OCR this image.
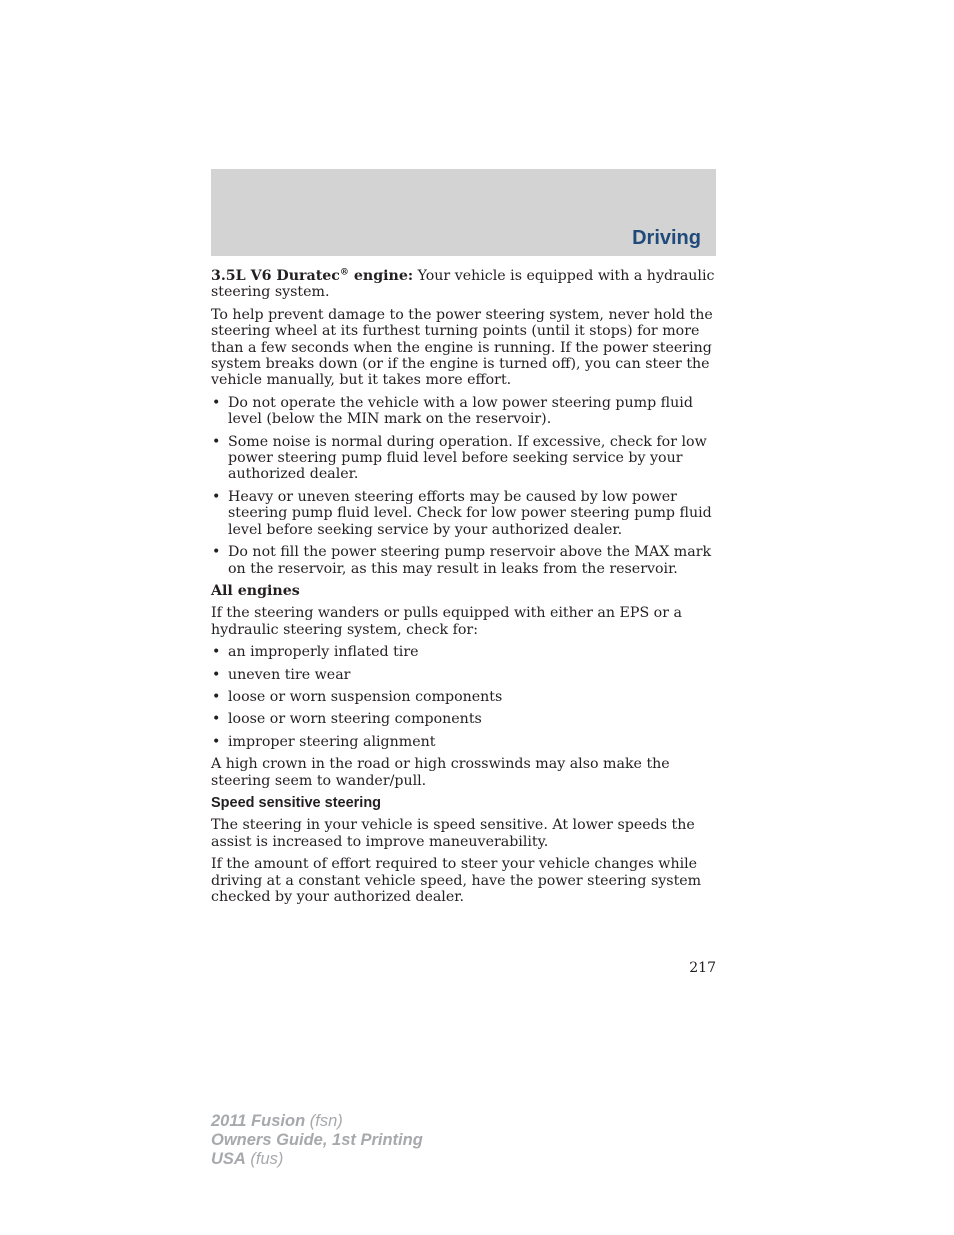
Driving

3.5L V6 Duratec® engine: Your vehicle is equipped with a hydraulic steering system.

To help prevent damage to the power steering system, never hold the steering wheel at its furthest turning points (until it stops) for more than a few seconds when the engine is running. If the power steering system breaks down (or if the engine is turned off), you can steer the vehicle manually, but it takes more effort.

• Do not operate the vehicle with a low power steering pump fluid level (below the MIN mark on the reservoir).
• Some noise is normal during operation. If excessive, check for low power steering pump fluid level before seeking service by your authorized dealer.
• Heavy or uneven steering efforts may be caused by low power steering pump fluid level. Check for low power steering pump fluid level before seeking service by your authorized dealer.
• Do not fill the power steering pump reservoir above the MAX mark on the reservoir, as this may result in leaks from the reservoir.

All engines

If the steering wanders or pulls equipped with either an EPS or a hydraulic steering system, check for:

• an improperly inflated tire
• uneven tire wear
• loose or worn suspension components
• loose or worn steering components
• improper steering alignment

A high crown in the road or high crosswinds may also make the steering seem to wander/pull.

Speed sensitive steering

The steering in your vehicle is speed sensitive. At lower speeds the assist is increased to improve maneuverability.

If the amount of effort required to steer your vehicle changes while driving at a constant vehicle speed, have the power steering system checked by your authorized dealer.

217
2011 Fusion (fsn)
Owners Guide, 1st Printing
USA (fus)
